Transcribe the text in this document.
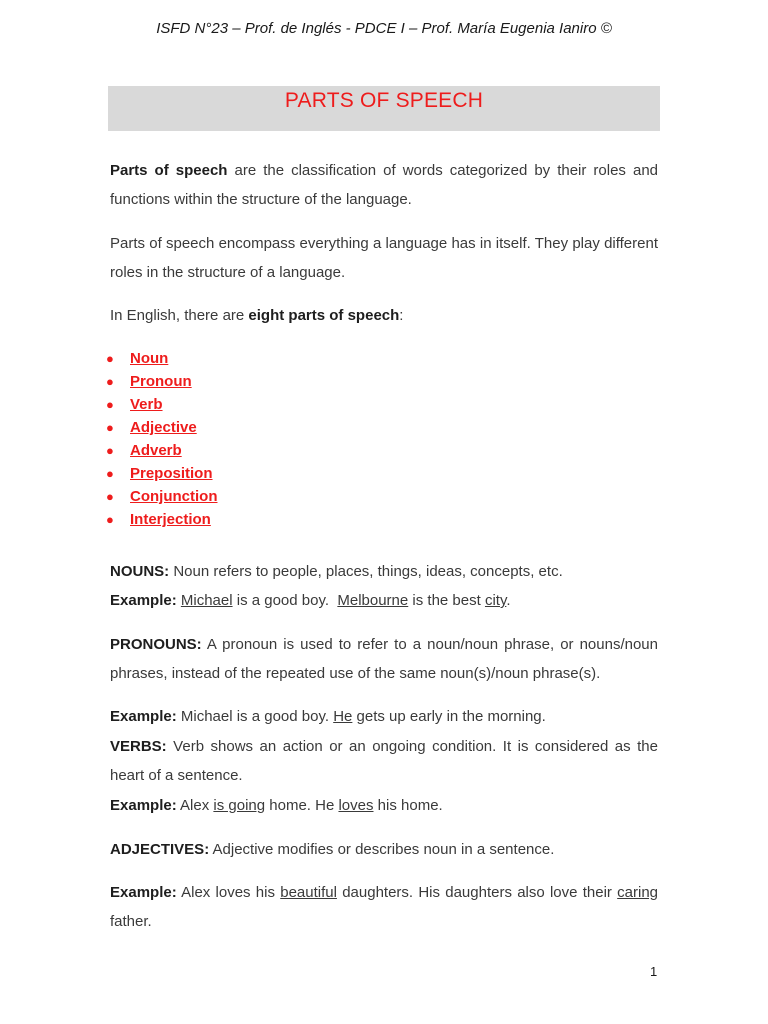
ISFD N°23 – Prof. de Inglés - PDCE I – Prof. María Eugenia Ianiro ©
PARTS OF SPEECH

Parts of speech are the classification of words categorized by their roles and functions within the structure of the language.

Parts of speech encompass everything a language has in itself. They play different roles in the structure of a language.

In English, there are eight parts of speech:

● Noun
● Pronoun
● Verb
● Adjective
● Adverb
● Preposition
● Conjunction
● Interjection

NOUNS: Noun refers to people, places, things, ideas, concepts, etc.

Example: Michael is a good boy.  Melbourne is the best city.

PRONOUNS: A pronoun is used to refer to a noun/noun phrase, or nouns/noun phrases, instead of the repeated use of the same noun(s)/noun phrase(s).

Example: Michael is a good boy. He gets up early in the morning.

VERBS: Verb shows an action or an ongoing condition. It is considered as the heart of a sentence.

Example: Alex is going home. He loves his home.

ADJECTIVES: Adjective modifies or describes noun in a sentence.

Example: Alex loves his beautiful daughters. His daughters also love their caring father.

1
